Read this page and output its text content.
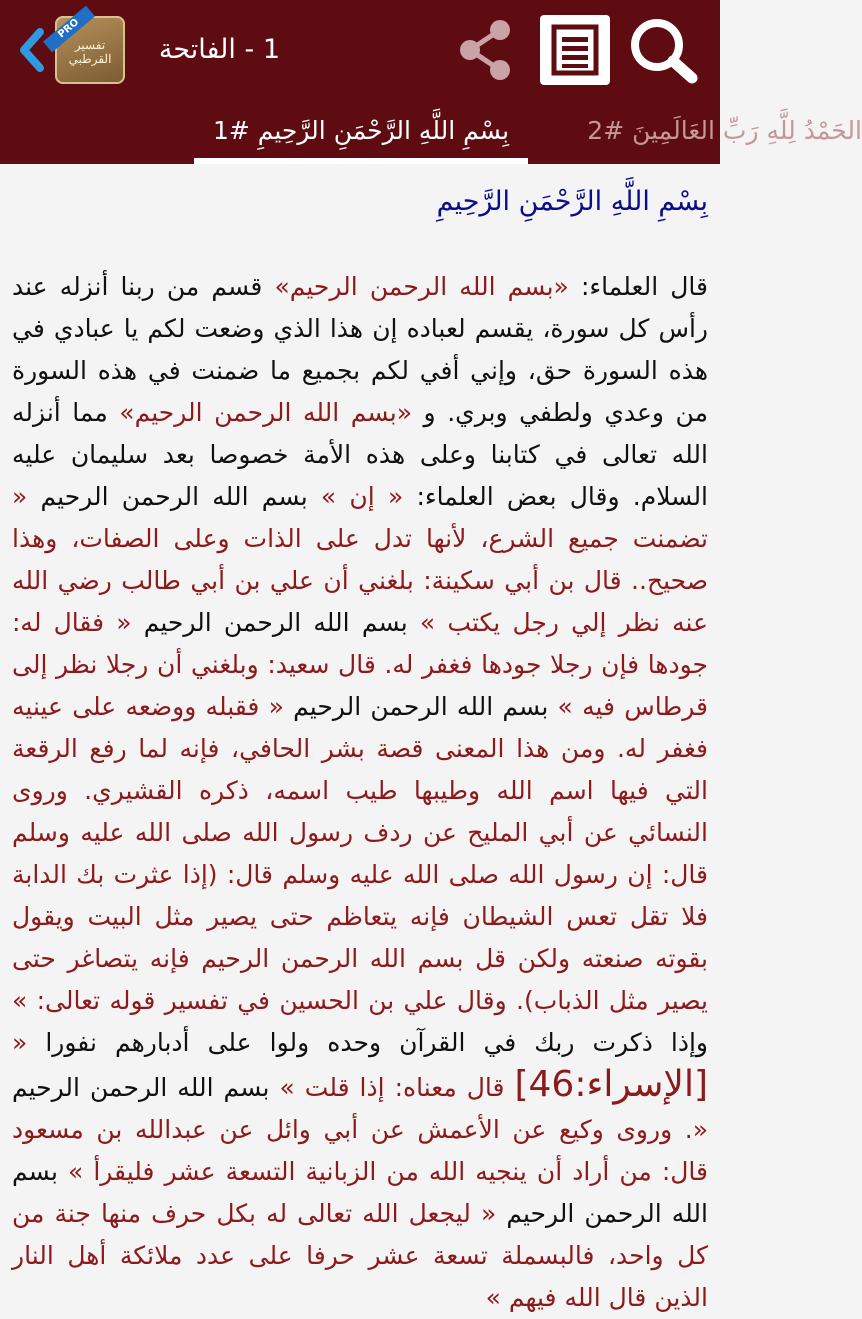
1 - الفاتحة
تفسير
القرطبي
PRO
بِسْمِ اللَّهِ الرَّحْمَنِ الرَّحِيمِ #1	الحَمْدُ لِلَّهِ رَبِّ العَالَمِينَ #2
بِسْمِ اللَّهِ الرَّحْمَنِ الرَّحِيمِ
قال العلماء: «بسم الله الرحمن الرحيم» قسم من ربنا أنزله عند رأس كل سورة، يقسم لعباده إن هذا الذي وضعت لكم يا عبادي في هذه السورة حق، وإني أفي لكم بجميع ما ضمنت في هذه السورة من وعدي ولطفي وبري. و «بسم الله الرحمن الرحيم» مما أنزله الله تعالى في كتابنا وعلى هذه الأمة خصوصا بعد سليمان عليه السلام. وقال بعض العلماء: « إن » بسم الله الرحمن الرحيم « تضمنت جميع الشرع، لأنها تدل على الذات وعلى الصفات، وهذا صحيح.. قال بن أبي سكينة: بلغني أن علي بن أبي طالب رضي الله عنه نظر إلي رجل يكتب » بسم الله الرحمن الرحيم « فقال له: جودها فإن رجلا جودها فغفر له. قال سعيد: وبلغني أن رجلا نظر إلى قرطاس فيه » بسم الله الرحمن الرحيم « فقبله ووضعه على عينيه فغفر له. ومن هذا المعنى قصة بشر الحافي، فإنه لما رفع الرقعة التي فيها اسم الله وطيبها طيب اسمه، ذكره القشيري. وروى النسائي عن أبي المليح عن ردف رسول الله صلى الله عليه وسلم قال: إن رسول الله صلى الله عليه وسلم قال: (إذا عثرت بك الدابة فلا تقل تعس الشيطان فإنه يتعاظم حتى يصير مثل البيت ويقول بقوته صنعته ولكن قل بسم الله الرحمن الرحيم فإنه يتصاغر حتى يصير مثل الذباب). وقال علي بن الحسين في تفسير قوله تعالى: » وإذا ذكرت ربك في القرآن وحده ولوا على أدبارهم نفورا « [الإسراء:46] قال معناه: إذا قلت » بسم الله الرحمن الرحيم «. وروى وكيع عن الأعمش عن أبي وائل عن عبدالله بن مسعود قال: من أراد أن ينجيه الله من الزبانية التسعة عشر فليقرأ » بسم الله الرحمن الرحيم « ليجعل الله تعالى له بكل حرف منها جنة من كل واحد، فالبسملة تسعة عشر حرفا على عدد ملائكة أهل النار الذين قال الله فيهم »
